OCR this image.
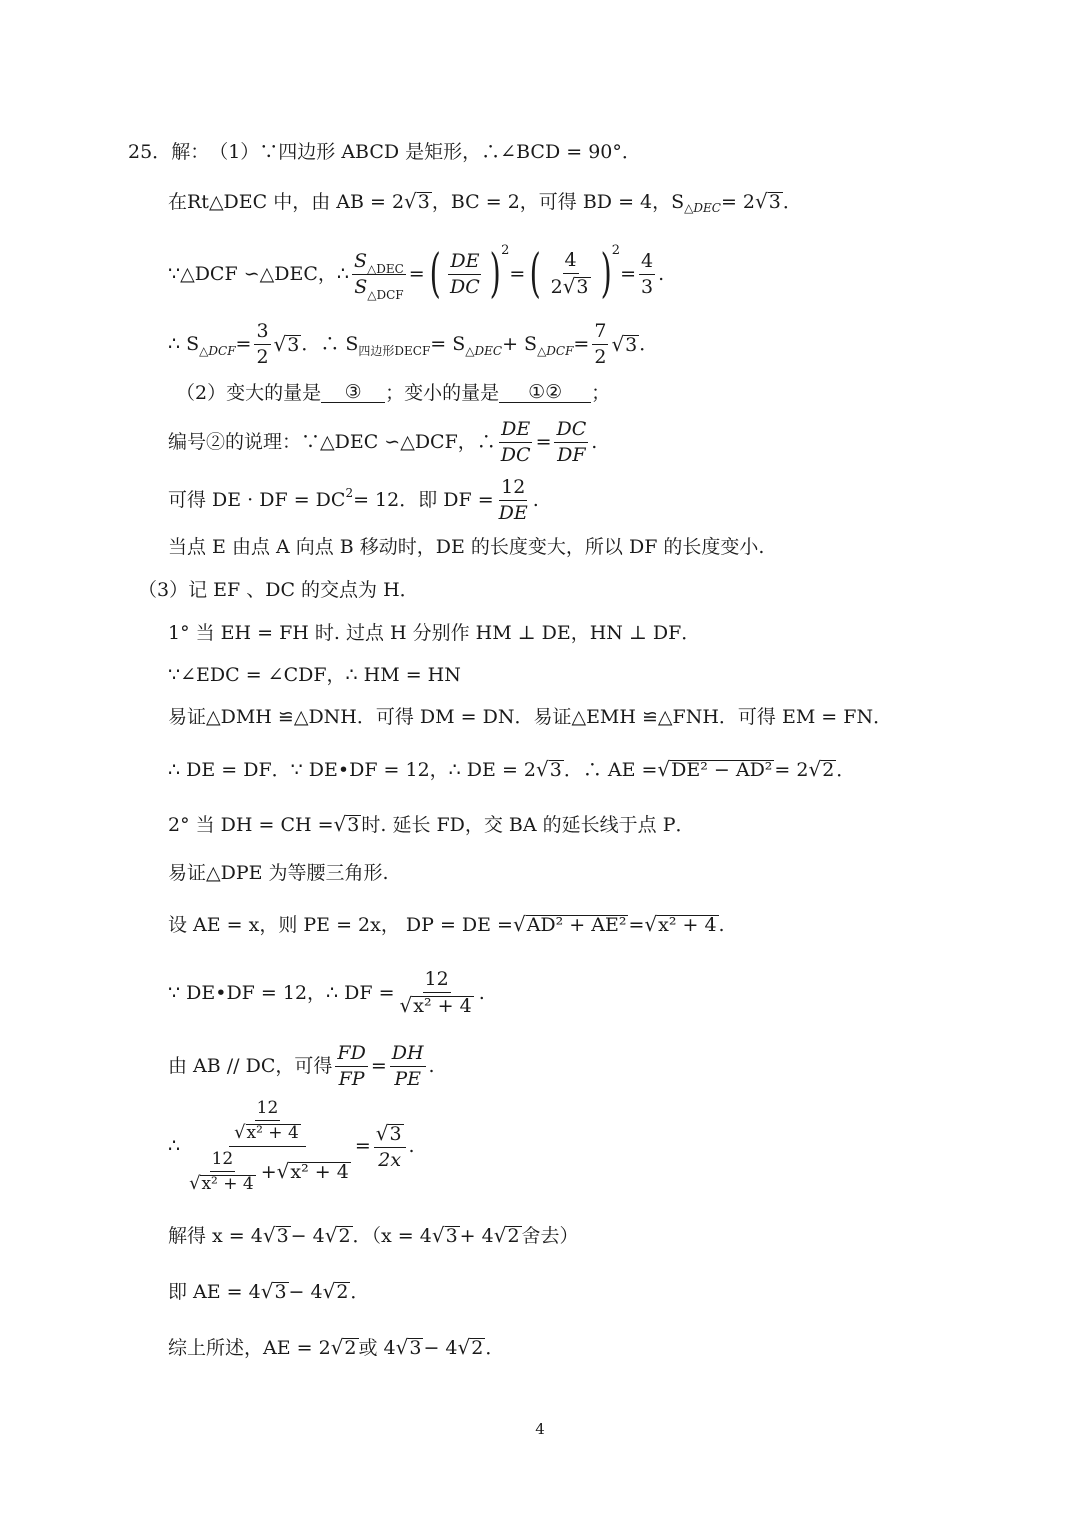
25． 解： （1） ∵四边形 ABCD 是矩形，∴∠BCD = 90°．
在Rt△DEC 中，由 AB = 2 √ 3 ，BC = 2，可得 BD = 4，S △DEC = 2 √ 3 ．
∵△DCF ∽△DEC，∴ $\frac{S_{\triangle DEC}}{S_{\triangle DCF}}$ = ( $\frac{DE}{DC}$ ) 2
= ( $\frac{4}{2 √ 3}$ ) 2
= $\frac{4}{3}$ .
∴ S △DCF = $\frac{3}{2}$ √ 3 ．∴ S 四边形DECF = S △DEC + S △DCF = $\frac{7}{2}$ √ 3 ．
（2）变大的量是	③	；变小的量是	①②	；
编号②的说理：∵△DEC ∽△DCF，∴ $\frac{DE}{DC} = \frac{DC}{DF}$ .
可得 DE · DF = DC 2 = 12．即 DF = $\frac{12}{DE}$ .
当点 E 由点 A 向点 B 移动时，DE 的长度变大，所以 DF 的长度变小.
（3）记 EF 、DC 的交点为 H．
1° 当 EH = FH 时. 过点 H 分别作 HM ⊥ DE，HN ⊥ DF．
∵∠EDC = ∠CDF，∴ HM = HN
易证△DMH ≌△DNH．可得 DM = DN．易证△EMH ≌△FNH．可得 EM = FN．
∴ DE = DF．∵ DE•DF = 12，∴ DE = 2 √ 3 ．∴ AE = √ DE² − AD² = 2 √ 2 ．
2° 当 DH = CH = √ 3 时. 延长 FD，交 BA 的延长线于点 P．
易证△DPE 为等腰三角形.
设 AE = x，则 PE = 2x， DP = DE = √ AD² + AE² = √ x² + 4 .
∵ DE•DF = 12，∴ DF = $\frac{12}{\text{√ x² + 4}}$ .
由 AB // DC，可得 $\frac{FD}{FP} = \frac{DH}{PE}$ .
∴ $\frac{\frac{12}{\text{√ x² + 4}}}{\frac{12}{\text{√ x² + 4}} + √ x^2 + 4} = \frac{√ 3}{2x}$ .
解得 x = 4 √ 3 − 4 √ 2 ．（x = 4 √ 3 + 4 √ 2 舍去）
即 AE = 4 √ 3 − 4 √ 2 ．
综上所述，AE = 2 √ 2 或 4 √ 3 − 4 √ 2 ．
4
